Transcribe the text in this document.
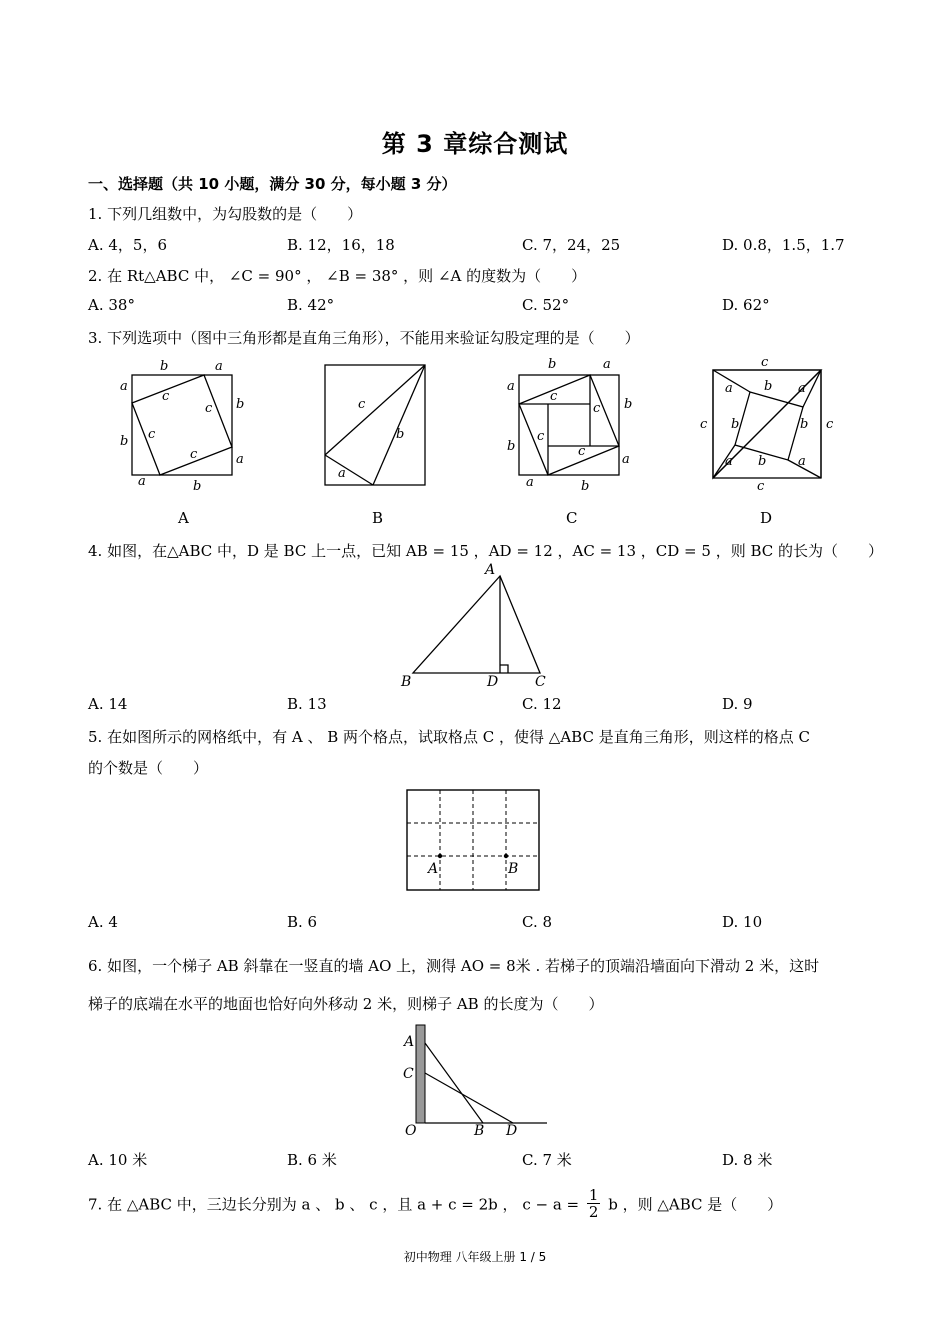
第 3 章综合测试
一、选择题（共 10 小题，满分 30 分，每小题 3 分）
1. 下列几组数中，为勾股数的是（　　）
A. 4，5，6	B. 12，16，18	C. 7，24，25	D. 0.8，1.5，1.7
2. 在 Rt△ABC 中， ∠C = 90° ， ∠B = 38° ，则 ∠A 的度数为（　　）
A. 38°	B. 42°	C. 52°	D. 62°
3. 下列选项中（图中三角形都是直角三角形），不能用来验证勾股定理的是（　　）
b	a
a
b
c
c
c
c
b
a
a	b
c
b
a
b	a
a
b
c
c
c
c
b
a
a	b
c
c	c
c
a b a
b	b
a b a
A	B	C	D
4. 如图，在△ABC 中，D 是 BC 上一点，已知 AB = 15 ，AD = 12 ，AC = 13 ，CD = 5 ，则 BC 的长为（　　）
A
B	D	C
A. 14	B. 13	C. 12	D. 9
5. 在如图所示的网格纸中，有 A 、 B 两个格点，试取格点 C ，使得 △ABC 是直角三角形，则这样的格点 C
的个数是（　　）
A	B
A. 4	B. 6	C. 8	D. 10
6. 如图，一个梯子 AB 斜靠在一竖直的墙 AO 上，测得 AO = 8米 . 若梯子的顶端沿墙面向下滑动 2 米，这时
梯子的底端在水平的地面也恰好向外移动 2 米，则梯子 AB 的长度为（　　）
A
C
O	B D
A. 10 米	B. 6 米	C. 7 米	D. 8 米
7. 在 △ABC 中，三边长分别为 a 、 b 、 c ，且 a + c = 2b ， $c - a = \frac{1}{2}$ b ，则 △ABC 是（　　）
初中物理 八年级上册 1 / 5
